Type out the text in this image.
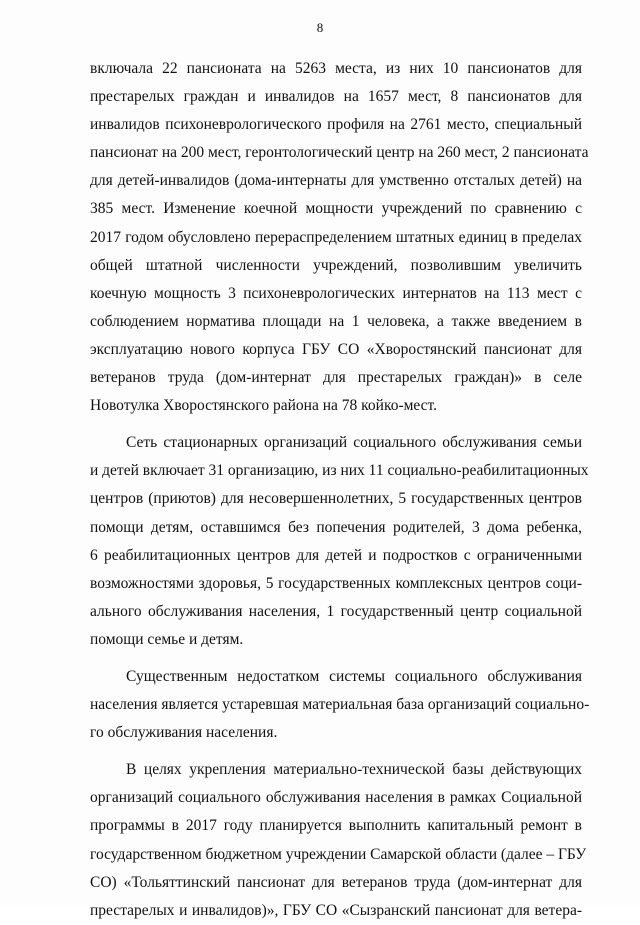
8
включала 22 пансионата на 5263 места, из них 10 пансионатов для
престарелых граждан и инвалидов на 1657 мест, 8 пансионатов для
инвалидов психоневрологического профиля на 2761 место, специальный
пансионат на 200 мест, геронтологический центр на 260 мест, 2 пансионата
для детей-инвалидов (дома-интернаты для умственно отсталых детей) на
385 мест. Изменение коечной мощности учреждений по сравнению с
2017 годом обусловлено перераспределением штатных единиц в пределах
общей штатной численности учреждений, позволившим увеличить
коечную мощность 3 психоневрологических интернатов на 113 мест с
соблюдением норматива площади на 1 человека, а также введением в
эксплуатацию нового корпуса ГБУ СО «Хворостянский пансионат для
ветеранов труда (дом-интернат для престарелых граждан)» в селе
Новотулка Хворостянского района на 78 койко-мест.
Сеть стационарных организаций социального обслуживания семьи
и детей включает 31 организацию, из них 11 социально-реабилитационных
центров (приютов) для несовершеннолетних, 5 государственных центров
помощи детям, оставшимся без попечения родителей, 3 дома ребенка,
6 реабилитационных центров для детей и подростков с ограниченными
возможностями здоровья, 5 государственных комплексных центров соци-
ального обслуживания населения, 1 государственный центр социальной
помощи семье и детям.
Существенным недостатком системы социального обслуживания
населения является устаревшая материальная база организаций социально-
го обслуживания населения.
В целях укрепления материально-технической базы действующих
организаций социального обслуживания населения в рамках Социальной
программы в 2017 году планируется выполнить капитальный ремонт в
государственном бюджетном учреждении Самарской области (далее – ГБУ
СО) «Тольяттинский пансионат для ветеранов труда (дом-интернат для
престарелых и инвалидов)», ГБУ СО «Сызранский пансионат для ветера-
